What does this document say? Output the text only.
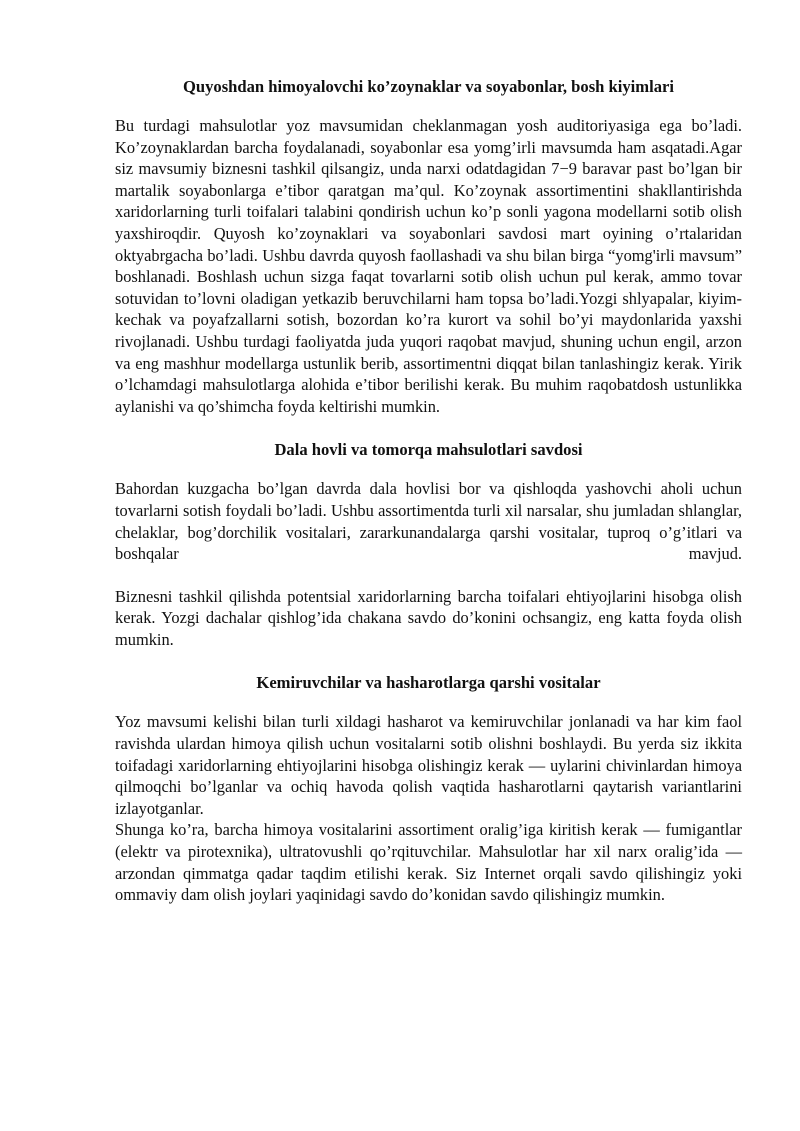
Quyoshdan himoyalovchi ko’zoynaklar va soyabonlar, bosh kiyimlari

Bu turdagi mahsulotlar yoz mavsumidan cheklanmagan yosh auditoriyasiga ega bo’ladi. Ko’zoynaklardan barcha foydalanadi, soyabonlar esa yomg’irli mavsumda ham asqatadi.Agar siz mavsumiy biznesni tashkil qilsangiz, unda narxi odatdagidan 7−9 baravar past bo’lgan bir martalik soyabonlarga e’tibor qaratgan ma’qul. Ko’zoynak assortimentini shakllantirishda xaridorlarning turli toifalari talabini qondirish uchun ko’p sonli yagona modellarni sotib olish yaxshiroqdir. Quyosh ko’zoynaklari va soyabonlari savdosi mart oyining o’rtalaridan oktyabrgacha bo’ladi. Ushbu davrda quyosh faollashadi va shu bilan birga “yomg'irli mavsum” boshlanadi. Boshlash uchun sizga faqat tovarlarni sotib olish uchun pul kerak, ammo tovar sotuvidan to’lovni oladigan yetkazib beruvchilarni ham topsa bo’ladi.Yozgi shlyapalar, kiyim-kechak va poyafzallarni sotish, bozordan ko’ra kurort va sohil bo’yi maydonlarida yaxshi rivojlanadi. Ushbu turdagi faoliyatda juda yuqori raqobat mavjud, shuning uchun engil, arzon va eng mashhur modellarga ustunlik berib, assortimentni diqqat bilan tanlashingiz kerak. Yirik o’lchamdagi mahsulotlarga alohida e’tibor berilishi kerak. Bu muhim raqobatdosh ustunlikka aylanishi va qo’shimcha foyda keltirishi mumkin.

Dala hovli va tomorqa mahsulotlari savdosi

Bahordan kuzgacha bo’lgan davrda dala hovlisi bor va qishloqda yashovchi aholi uchun tovarlarni sotish foydali bo’ladi. Ushbu assortimentda turli xil narsalar, shu jumladan shlanglar, chelaklar, bog’dorchilik vositalari, zararkunandalarga qarshi vositalar, tuproq o’g’itlari va boshqalar mavjud.

Biznesni tashkil qilishda potentsial xaridorlarning barcha toifalari ehtiyojlarini hisobga olish kerak. Yozgi dachalar qishlog’ida chakana savdo do’konini ochsangiz, eng katta foyda olish mumkin.

Kemiruvchilar va hasharotlarga qarshi vositalar

Yoz mavsumi kelishi bilan turli xildagi hasharot va kemiruvchilar jonlanadi va har kim faol ravishda ulardan himoya qilish uchun vositalarni sotib olishni boshlaydi. Bu yerda siz ikkita toifadagi xaridorlarning ehtiyojlarini hisobga olishingiz kerak — uylarini chivinlardan himoya qilmoqchi bo’lganlar va ochiq havoda qolish vaqtida hasharotlarni qaytarish variantlarini izlayotganlar.

Shunga ko’ra, barcha himoya vositalarini assortiment oralig’iga kiritish kerak — fumigantlar (elektr va pirotexnika), ultratovushli qo’rqituvchilar. Mahsulotlar har xil narx oralig’ida — arzondan qimmatga qadar taqdim etilishi kerak. Siz Internet orqali savdo qilishingiz yoki ommaviy dam olish joylari yaqinidagi savdo do’konidan savdo qilishingiz mumkin.
